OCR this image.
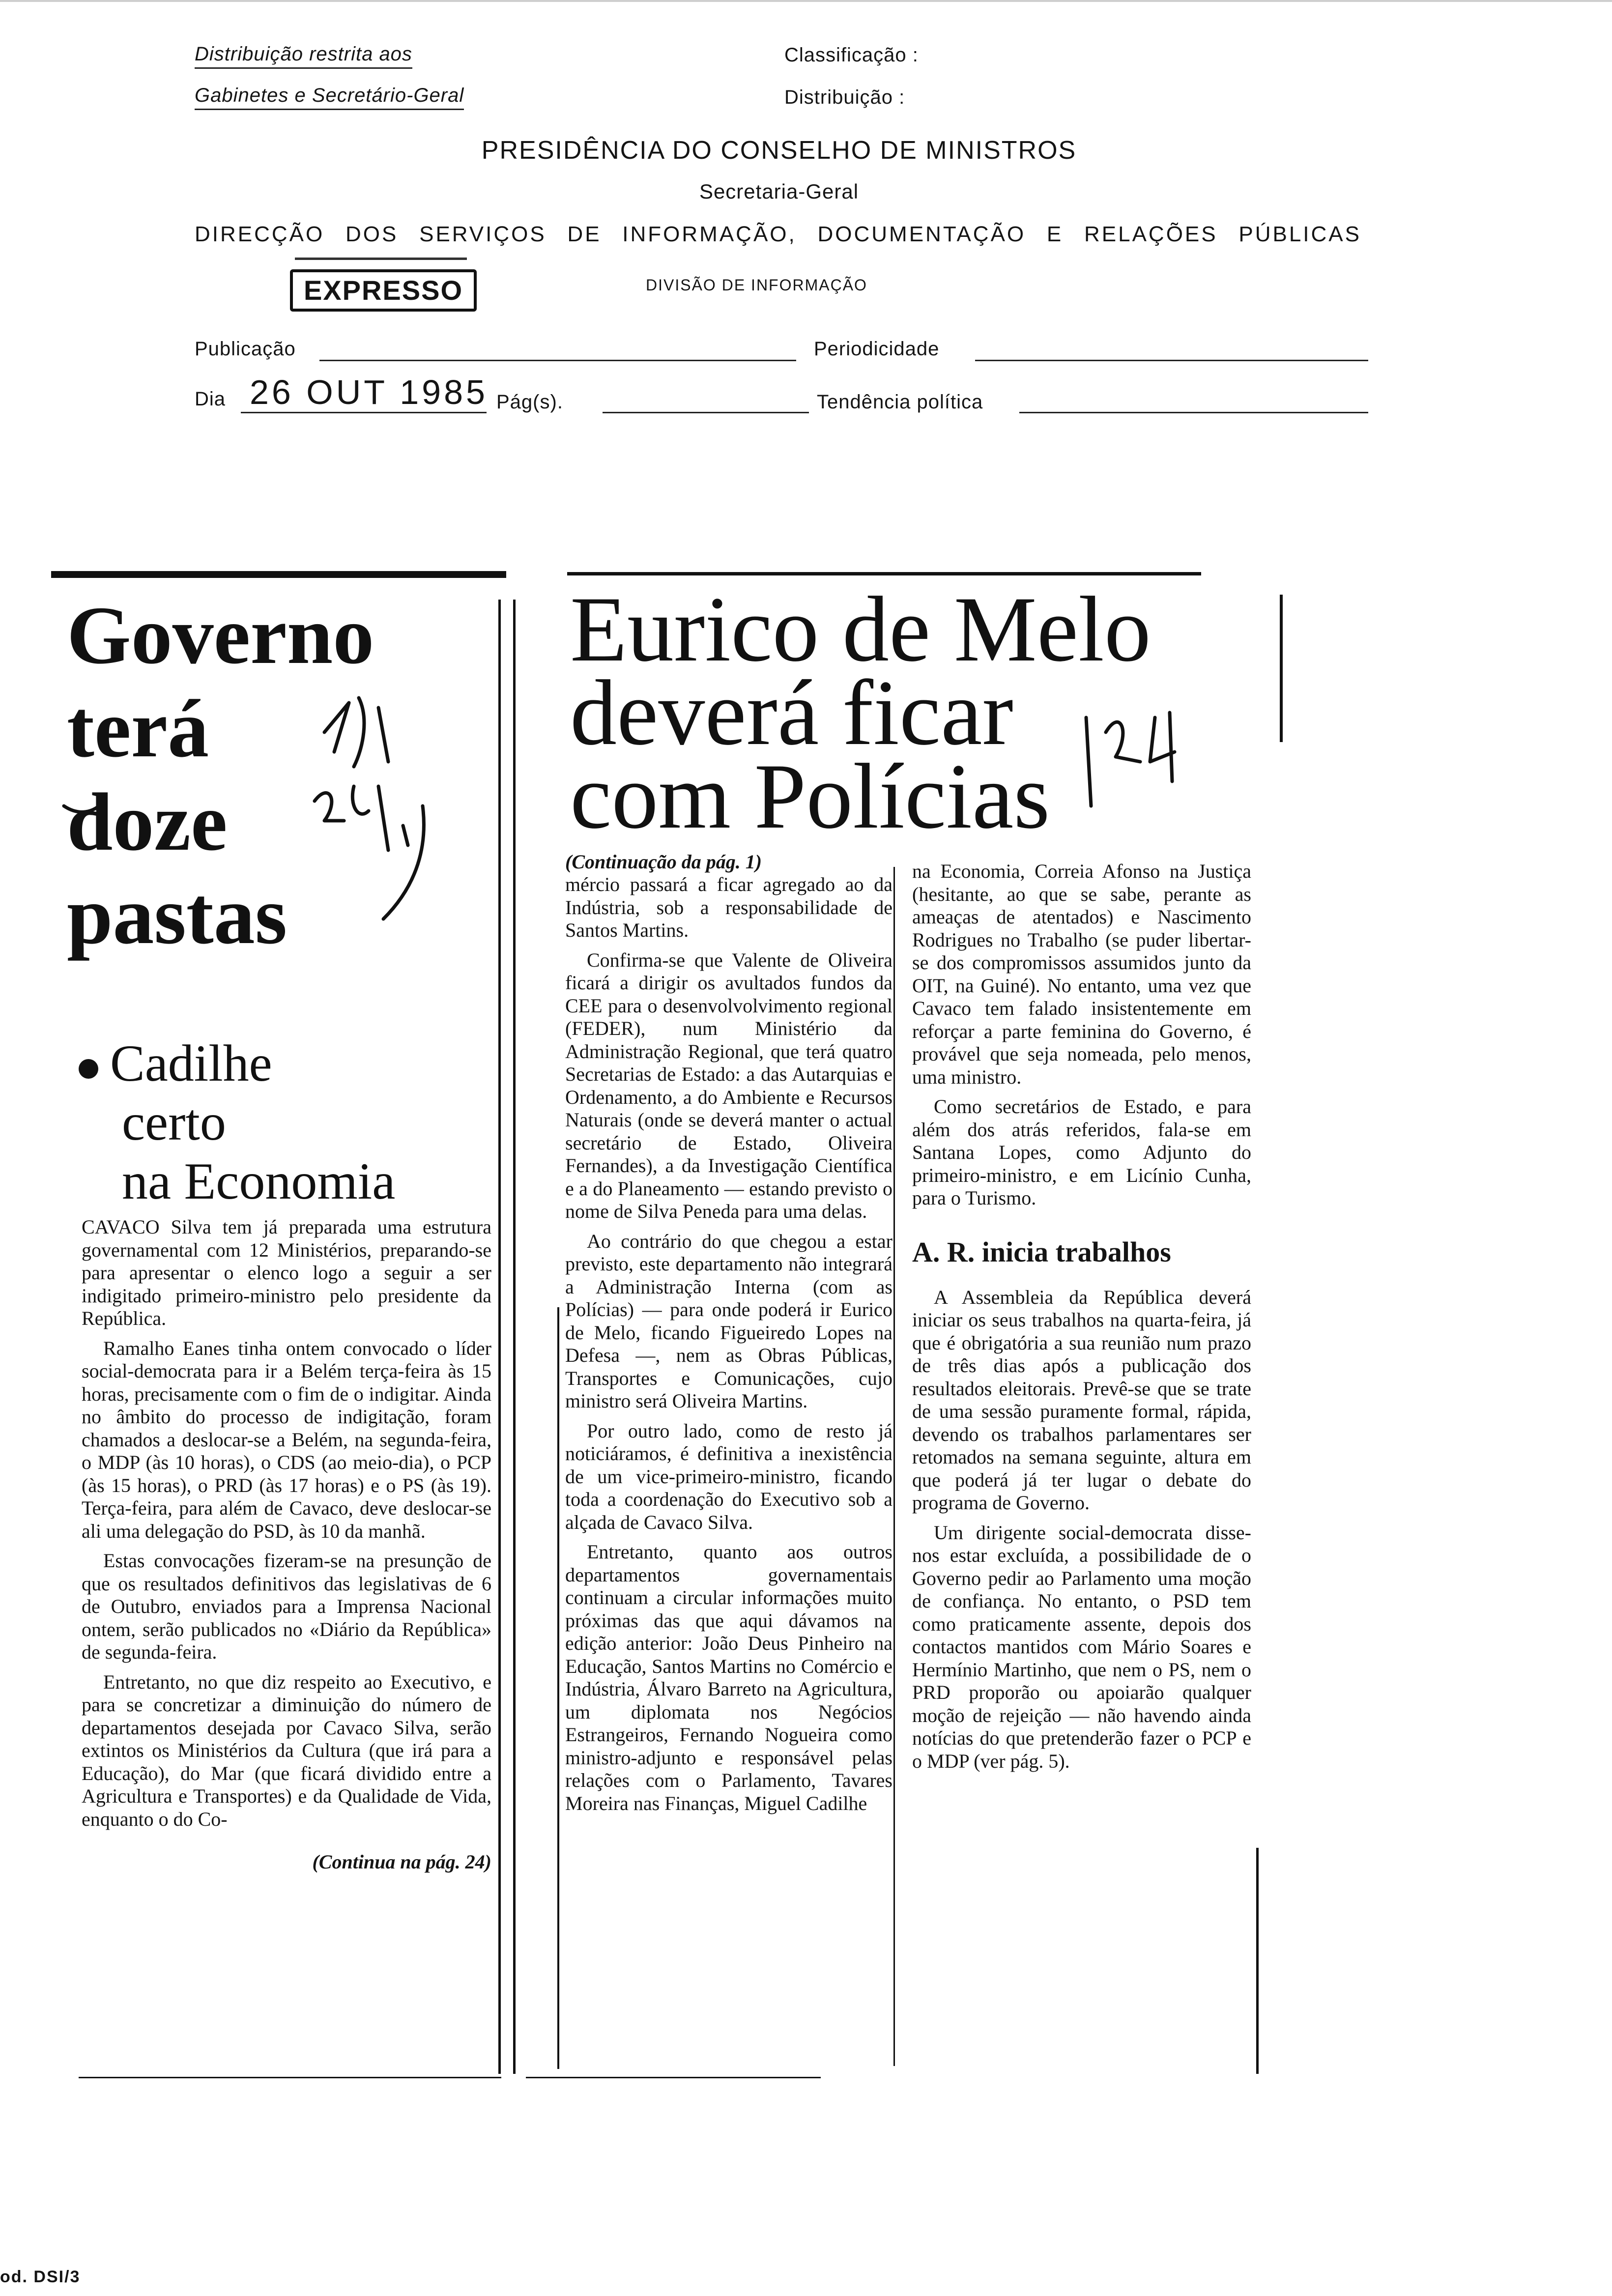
Distribuição restrita aos
Gabinetes e Secretário-Geral
Classificação :
Distribuição :
PRESIDÊNCIA DO CONSELHO DE MINISTROS
Secretaria-Geral
DIRECÇÃO DOS SERVIÇOS DE INFORMAÇÃO, DOCUMENTAÇÃO E RELAÇÕES PÚBLICAS
EXPRESSO	DIVISÃO DE INFORMAÇÃO
Publicação	Periodicidade
Dia 26 OUT 1985 Pág(s).	Tendência política
Governo
terá
doze
pastas
Cadilhe
certo
na Economia

CAVACO Silva tem já preparada uma estrutura governamental com 12 Ministérios, preparando-se para apresentar o elenco logo a seguir a ser indigitado primeiro-ministro pelo presidente da República.

Ramalho Eanes tinha ontem convocado o líder social-democrata para ir a Belém terça-feira às 15 horas, precisamente com o fim de o indigitar. Ainda no âmbito do processo de indigitação, foram chamados a deslocar-se a Belém, na segunda-feira, o MDP (às 10 horas), o CDS (ao meio-dia), o PCP (às 15 horas), o PRD (às 17 horas) e o PS (às 19). Terça-feira, para além de Cavaco, deve deslocar-se ali uma delegação do PSD, às 10 da manhã.

Estas convocações fizeram-se na presunção de que os resultados definitivos das legislativas de 6 de Outubro, enviados para a Imprensa Nacional ontem, serão publicados no «Diário da República» de segunda-feira.

Entretanto, no que diz respeito ao Executivo, e para se concretizar a diminuição do número de departamentos desejada por Cavaco Silva, serão extintos os Ministérios da Cultura (que irá para a Educação), do Mar (que ficará dividido entre a Agricultura e Transportes) e da Qualidade de Vida, enquanto o do Co-

(Continua na pág. 24)
Eurico de Melo
deverá ficar
com Polícias
(Continuação da pág. 1)

mércio passará a ficar agregado ao da Indústria, sob a responsabilidade de Santos Martins.

Confirma-se que Valente de Oliveira ficará a dirigir os avultados fundos da CEE para o desenvolvolvimento regional (FEDER), num Ministério da Administração Regional, que terá quatro Secretarias de Estado: a das Autarquias e Ordenamento, a do Ambiente e Recursos Naturais (onde se deverá manter o actual secretário de Estado, Oliveira Fernandes), a da Investigação Científica e a do Planeamento — estando previsto o nome de Silva Peneda para uma delas.

Ao contrário do que chegou a estar previsto, este departamento não integrará a Administração Interna (com as Polícias) — para onde poderá ir Eurico de Melo, ficando Figueiredo Lopes na Defesa —, nem as Obras Públicas, Transportes e Comunicações, cujo ministro será Oliveira Martins.

Por outro lado, como de resto já noticiáramos, é definitiva a inexistência de um vice-primeiro-ministro, ficando toda a coordenação do Executivo sob a alçada de Cavaco Silva.

Entretanto, quanto aos outros departamentos governamentais continuam a circular informações muito próximas das que aqui dávamos na edição anterior: João Deus Pinheiro na Educação, Santos Martins no Comércio e Indústria, Álvaro Barreto na Agricultura, um diplomata nos Negócios Estrangeiros, Fernando Nogueira como ministro-adjunto e responsável pelas relações com o Parlamento, Tavares Moreira nas Finanças, Miguel Cadilhe

na Economia, Correia Afonso na Justiça (hesitante, ao que se sabe, perante as ameaças de atentados) e Nascimento Rodrigues no Trabalho (se puder libertar-se dos compromissos assumidos junto da OIT, na Guiné). No entanto, uma vez que Cavaco tem falado insistentemente em reforçar a parte feminina do Governo, é provável que seja nomeada, pelo menos, uma ministro.

Como secretários de Estado, e para além dos atrás referidos, fala-se em Santana Lopes, como Adjunto do primeiro-ministro, e em Licínio Cunha, para o Turismo.

A. R. inicia trabalhos

A Assembleia da República deverá iniciar os seus trabalhos na quarta-feira, já que é obrigatória a sua reunião num prazo de três dias após a publicação dos resultados eleitorais. Prevê-se que se trate de uma sessão puramente formal, rápida, devendo os trabalhos parlamentares ser retomados na semana seguinte, altura em que poderá já ter lugar o debate do programa de Governo.

Um dirigente social-democrata disse-nos estar excluída, a possibilidade de o Governo pedir ao Parlamento uma moção de confiança. No entanto, o PSD tem como praticamente assente, depois dos contactos mantidos com Mário Soares e Hermínio Martinho, que nem o PS, nem o PRD proporão ou apoiarão qualquer moção de rejeição — não havendo ainda notícias do que pretenderão fazer o PCP e o MDP (ver pág. 5).

od. DSI/3
